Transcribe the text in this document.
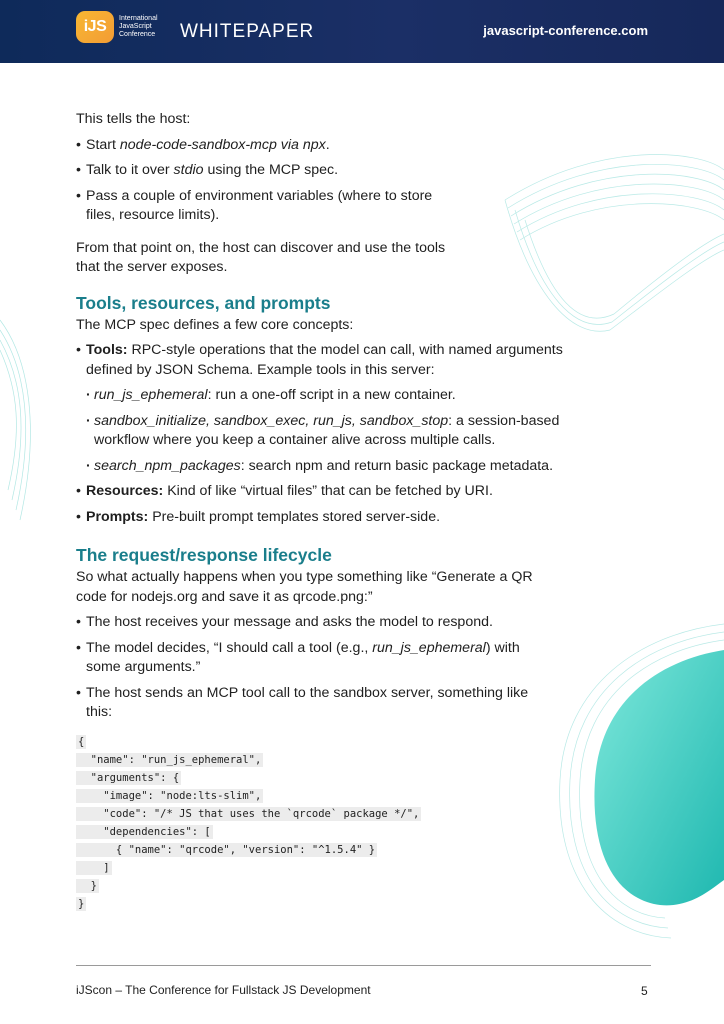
iJS	International
JavaScript
Conference	WHITEPAPER	javascript-conference.com

This tells the host:

• Start node-code-sandbox-mcp via npx.
• Talk to it over stdio using the MCP spec.
• Pass a couple of environment variables (where to store files, resource limits).

From that point on, the host can discover and use the tools that the server exposes.

Tools, resources, and prompts

The MCP spec defines a few core concepts:

• Tools: RPC-style operations that the model can call, with named arguments defined by JSON Schema. Example tools in this server:
· run_js_ephemeral: run a one-off script in a new container.
· sandbox_initialize, sandbox_exec, run_js, sandbox_stop: a session-based workflow where you keep a container alive across multiple calls.
· search_npm_packages: search npm and return basic package metadata.
• Resources: Kind of like “virtual files” that can be fetched by URI.
• Prompts: Pre-built prompt templates stored server-side.
The request/response lifecycle

So what actually happens when you type something like “Generate a QR code for nodejs.org and save it as qrcode.png:”

• The host receives your message and asks the model to respond.
• The model decides, “I should call a tool (e.g., run_js_ephemeral) with some arguments.”
• The host sends an MCP tool call to the sandbox server, something like this:
{
"name": "run_js_ephemeral",
"arguments": {
"image": "node:lts-slim",
"code": "/* JS that uses the `qrcode` package */",
"dependencies": [
{ "name": "qrcode", "version": "^1.5.4" }
]
}
}
iJScon – The Conference for Fullstack JS Development	5
